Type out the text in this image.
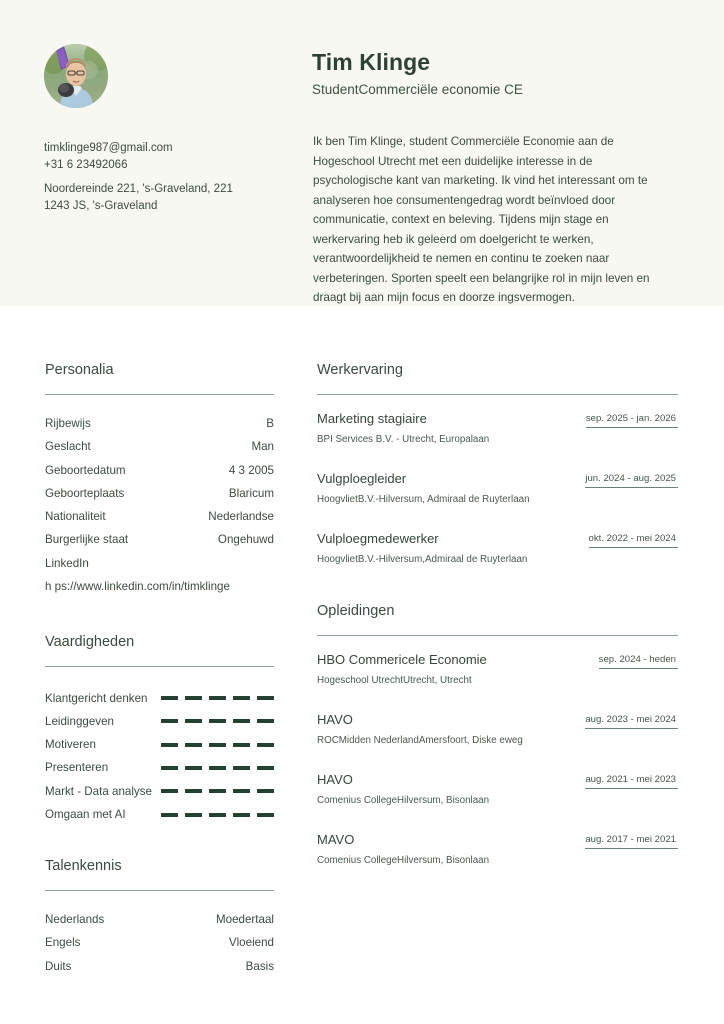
Tim Klinge
StudentCommerciële economie CE
timklinge987@gmail.com
+31 6 23492066
Noordereinde 221, 's-Graveland, 221
1243 JS, 's-Graveland
Ik ben Tim Klinge, student Commerciële Economie aan de Hogeschool Utrecht met een duidelijke interesse in de psychologische kant van marketing. Ik vind het interessant om te analyseren hoe consumentengedrag wordt beïnvloed door communicatie, context en beleving. Tijdens mijn stage en werkervaring heb ik geleerd om doelgericht te werken, verantwoordelijkheid te nemen en continu te zoeken naar verbeteringen. Sporten speelt een belangrijke rol in mijn leven en draagt bij aan mijn focus en doorze ingsvermogen.
Personalia
Rijbewijs	B
Geslacht	Man
Geboortedatum	4 3 2005
Geboorteplaats	Blaricum
Nationaliteit	Nederlandse
Burgerlijke staat	Ongehuwd
LinkedIn
h ps://www.linkedin.com/in/timklinge
Vaardigheden
Klantgericht denken
Leidinggeven
Motiveren
Presenteren
Markt - Data analyse
Omgaan met AI
Talenkennis
Nederlands	Moedertaal
Engels	Vloeiend
Duits	Basis
Werkervaring
Marketing stagiaire	sep. 2025 - jan. 2026
BPI Services B.V. - Utrecht, Europalaan
Vulgploegleider	jun. 2024 - aug. 2025
HoogvlietB.V.-Hilversum, Admiraal de Ruyterlaan
Vulploegmedewerker	okt. 2022 - mei 2024
HoogvlietB.V.-Hilversum,Admiraal de Ruyterlaan
Opleidingen
HBO Commericele Economie	sep. 2024 - heden
Hogeschool UtrechtUtrecht, Utrecht
HAVO	aug. 2023 - mei 2024
ROCMidden NederlandAmersfoort, Diske eweg
HAVO	aug. 2021 - mei 2023
Comenius CollegeHilversum, Bisonlaan
MAVO	aug. 2017 - mei 2021
Comenius CollegeHilversum, Bisonlaan
